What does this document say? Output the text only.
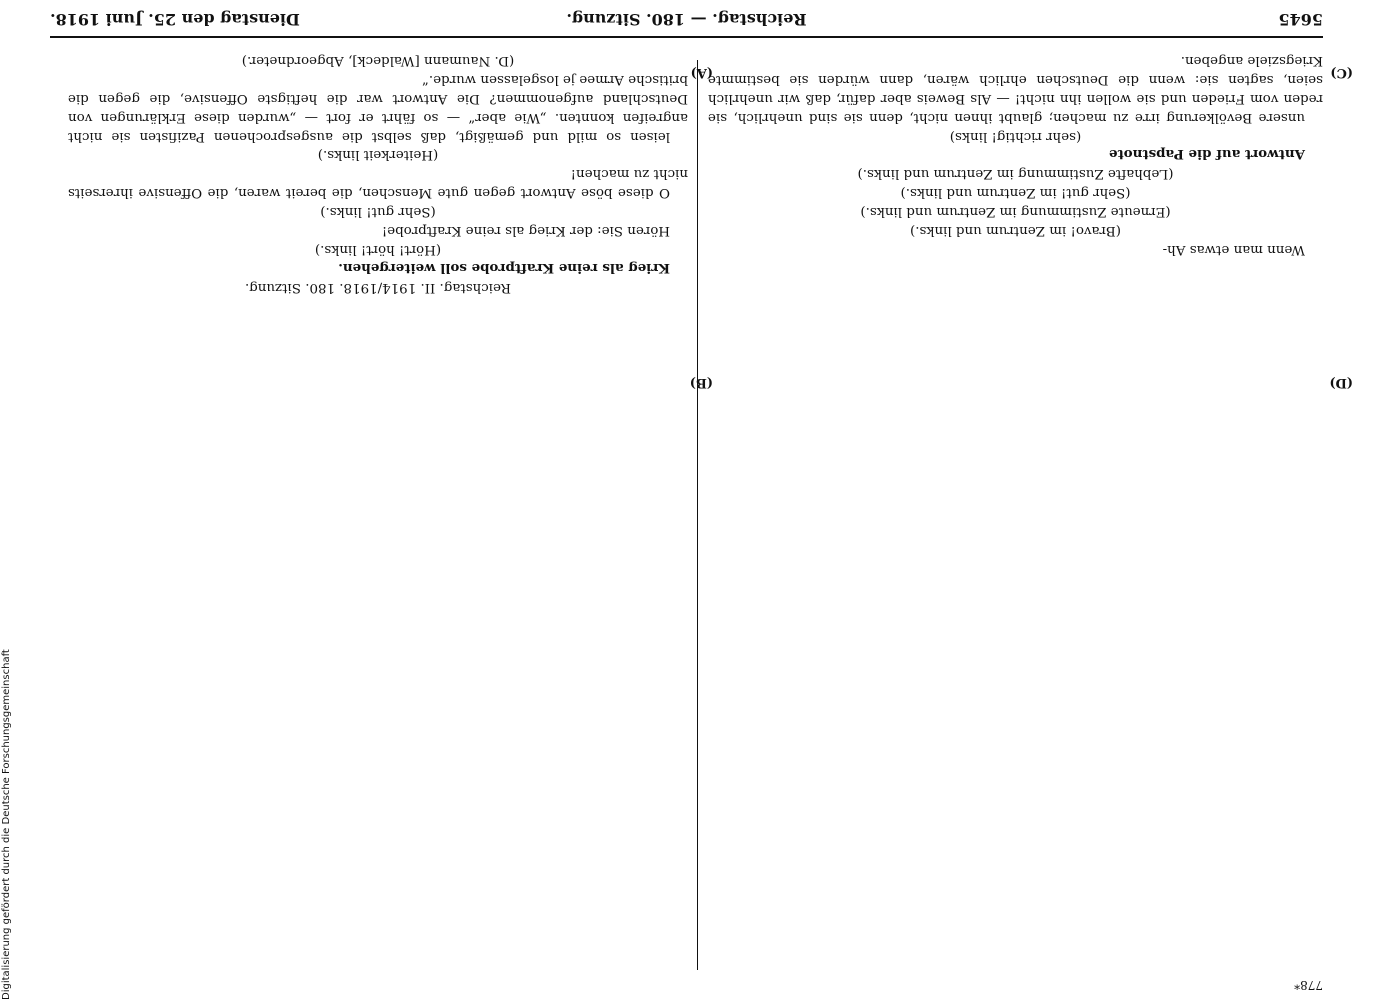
5645
Reichstag. — 180. Sitzung.
Dienstag den 25. Juni 1918.
(A)
(B)
(C)
(D)

(D. Naumann [Waldeck], Abgeordneter.)

leisen so mild und gemäßigt, daß selbst die ausgesprochenen Pazifisten sie nicht angreifen konnten. „Wie aber“ — so fährt er fort — „wurden diese Erklärungen von Deutschland aufgenommen? Die Antwort war die heftigste Offensive, die gegen die britische Armee je losgelassen wurde.“

(Heiterkeit links.)

O diese böse Antwort gegen gute Menschen, die bereit waren, die Offensive ihrerseits nicht zu machen!

(Sehr gut! links.)

Hören Sie: der Krieg als reine Kraftprobe!

(Hört! hört! links.)

Krieg als reine Kraftprobe soll weitergehen.

Reichstag. II. 1914/1918. 180. Sitzung.

unsere Bevölkerung irre zu machen; glaubt ihnen nicht, denn sie sind unehrlich, sie reden vom Frieden und sie wollen ihn nicht! — Als Beweis aber dafür, daß wir unehrlich seien, sagten sie: wenn die Deutschen ehrlich wären, dann würden sie bestimmte Kriegsziele angeben.

(sehr richtig! links)

Antwort auf die Papstnote

(Lebhafte Zustimmung im Zentrum und links.)

(Sehr gut! im Zentrum und links.)

(Erneute Zustimmung im Zentrum und links.)

(Bravo! im Zentrum und links.)

Wenn man etwas Ah-

778*
Digitalisierung gefördert durch die Deutsche Forschungsgemeinschaft
